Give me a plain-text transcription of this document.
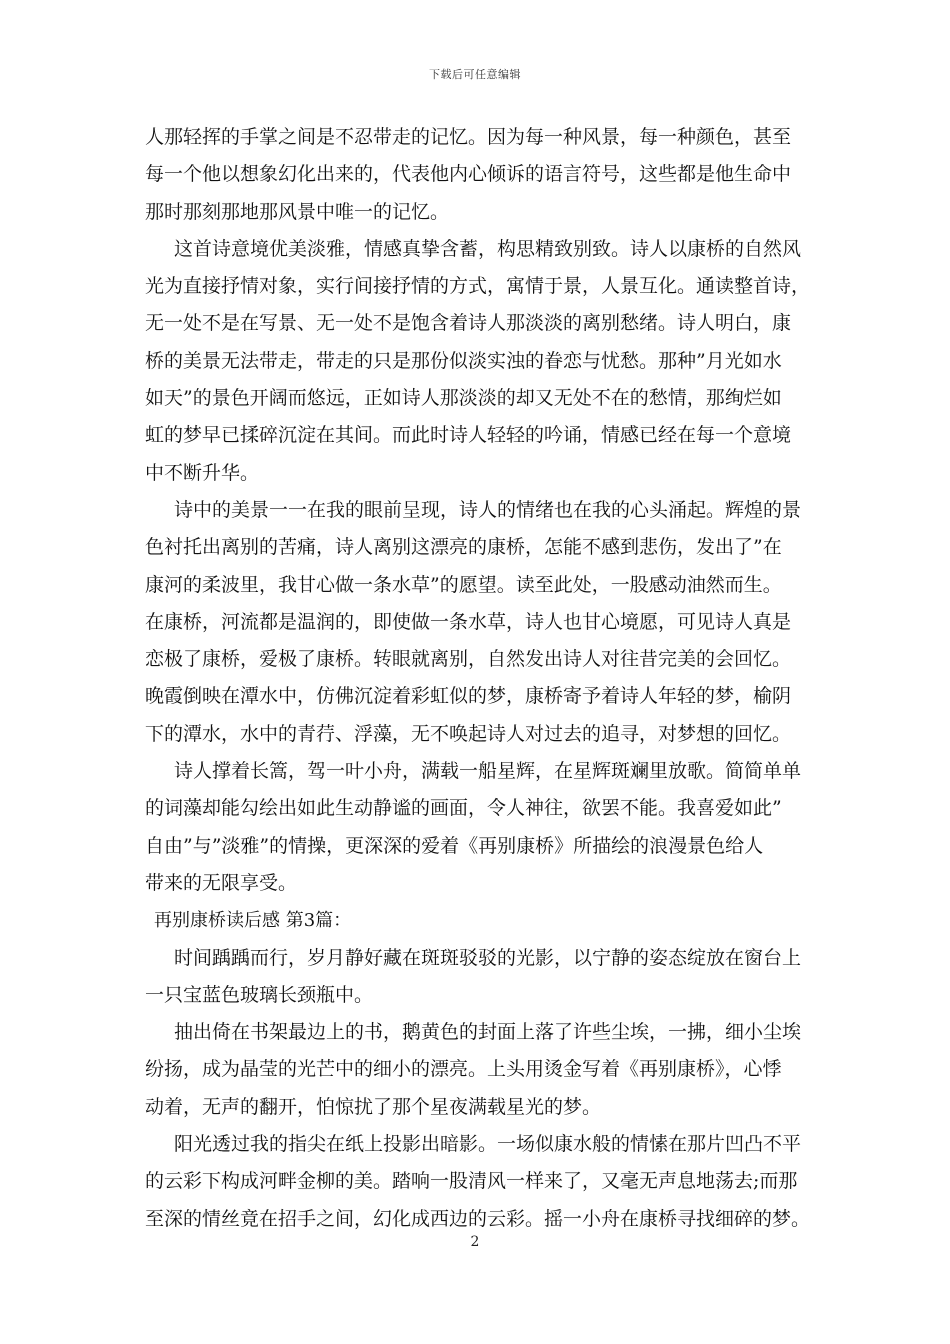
下载后可任意编辑
人那轻挥的手掌之间是不忍带走的记忆。因为每一种风景，每一种颜色，甚至
每一个他以想象幻化出来的，代表他内心倾诉的语言符号，这些都是他生命中
那时那刻那地那风景中唯一的记忆。
这首诗意境优美淡雅，情感真挚含蓄，构思精致别致。诗人以康桥的自然风
光为直接抒情对象，实行间接抒情的方式，寓情于景，人景互化。通读整首诗，
无一处不是在写景、无一处不是饱含着诗人那淡淡的离别愁绪。诗人明白，康
桥的美景无法带走，带走的只是那份似淡实浊的眷恋与忧愁。那种”月光如水
如天”的景色开阔而悠远，正如诗人那淡淡的却又无处不在的愁情，那绚烂如
虹的梦早已揉碎沉淀在其间。而此时诗人轻轻的吟诵，情感已经在每一个意境
中不断升华。
诗中的美景一一在我的眼前呈现，诗人的情绪也在我的心头涌起。辉煌的景
色衬托出离别的苦痛，诗人离别这漂亮的康桥，怎能不感到悲伤，发出了”在
康河的柔波里，我甘心做一条水草”的愿望。读至此处，一股感动油然而生。
在康桥，河流都是温润的，即使做一条水草，诗人也甘心境愿，可见诗人真是
恋极了康桥，爱极了康桥。转眼就离别，自然发出诗人对往昔完美的会回忆。
晚霞倒映在潭水中，仿佛沉淀着彩虹似的梦，康桥寄予着诗人年轻的梦，榆阴
下的潭水，水中的青荇、浮藻，无不唤起诗人对过去的追寻，对梦想的回忆。
诗人撑着长篙，驾一叶小舟，满载一船星辉，在星辉斑斓里放歌。简简单单
的词藻却能勾绘出如此生动静谧的画面，令人神往，欲罢不能。我喜爱如此”
自由”与”淡雅”的情操，更深深的爱着《再别康桥》所描绘的浪漫景色给人
带来的无限享受。
再别康桥读后感 第3篇：
时间踽踽而行，岁月静好藏在斑斑驳驳的光影，以宁静的姿态绽放在窗台上
一只宝蓝色玻璃长颈瓶中。
抽出倚在书架最边上的书，鹅黄色的封面上落了许些尘埃，一拂，细小尘埃
纷扬，成为晶莹的光芒中的细小的漂亮。上头用烫金写着《再别康桥》，心悸
动着，无声的翻开，怕惊扰了那个星夜满载星光的梦。
阳光透过我的指尖在纸上投影出暗影。一场似康水般的情愫在那片凹凸不平
的云彩下构成河畔金柳的美。踏响一股清风一样来了，又毫无声息地荡去;而那
至深的情丝竟在招手之间，幻化成西边的云彩。摇一小舟在康桥寻找细碎的梦。
2
